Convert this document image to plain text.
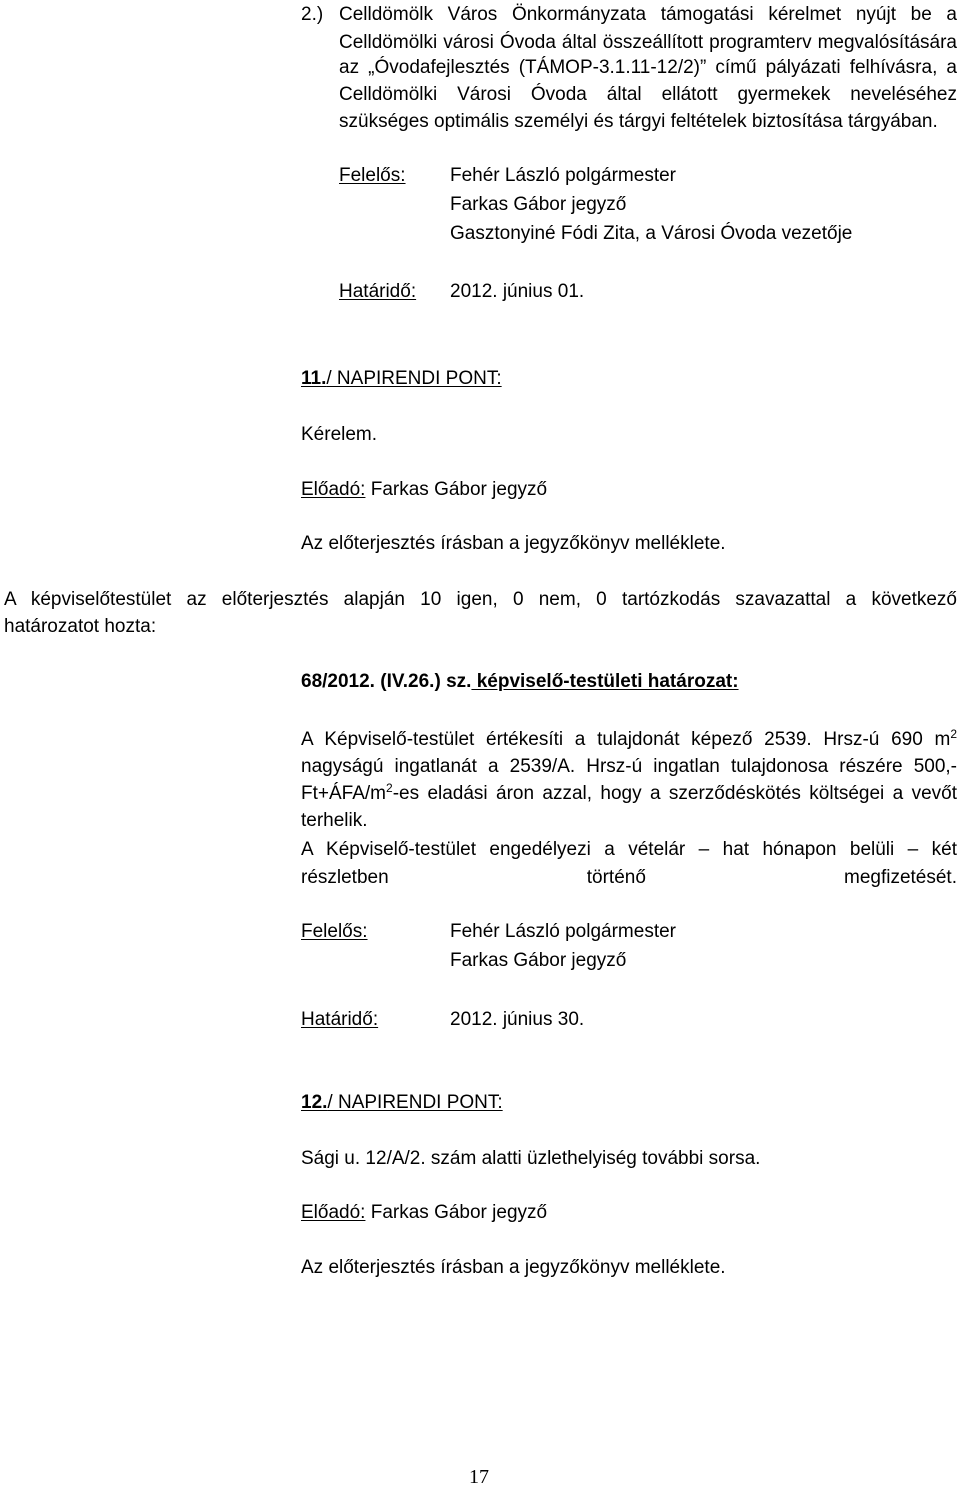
2.) Celldömölk Város Önkormányzata támogatási kérelmet nyújt be a
Celldömölki városi Óvoda által összeállított programterv megvalósítására
az „Óvodafejlesztés (TÁMOP-3.1.11-12/2)” című pályázati felhívásra, a
Celldömölki Városi Óvoda által ellátott gyermekek neveléséhez
szükséges optimális személyi és tárgyi feltételek biztosítása tárgyában.
Felelős: Fehér László polgármester
Farkas Gábor jegyző
Gasztonyiné Fódi Zita, a Városi Óvoda vezetője
Határidő: 2012. június 01.
11./ NAPIRENDI PONT:
Kérelem.
Előadó: Farkas Gábor jegyző
Az előterjesztés írásban a jegyzőkönyv melléklete.
A képviselőtestület az előterjesztés alapján 10 igen, 0 nem, 0 tartózkodás szavazattal a következő
határozatot hozta:
68/2012. (IV.26.) sz. képviselő-testületi határozat:
A Képviselő-testület értékesíti a tulajdonát képező 2539. Hrsz-ú 690 $m^2$ nagyságú ingatlanát a 2539/A. Hrsz-ú ingatlan tulajdonosa részére 500,- $Ft+ÁFA/m^2-es$ eladási áron azzal, hogy a szerződéskötés költségei a vevőt terhelik.
A Képviselő-testület engedélyezi a vételár – hat hónapon belüli – két részletben történő megfizetését.
Felelős:	Fehér László polgármester
Farkas Gábor jegyző
Határidő:	2012. június 30.
12./ NAPIRENDI PONT:
Sági u. 12/A/2. szám alatti üzlethelyiség további sorsa.
Előadó: Farkas Gábor jegyző
Az előterjesztés írásban a jegyzőkönyv melléklete.
17
